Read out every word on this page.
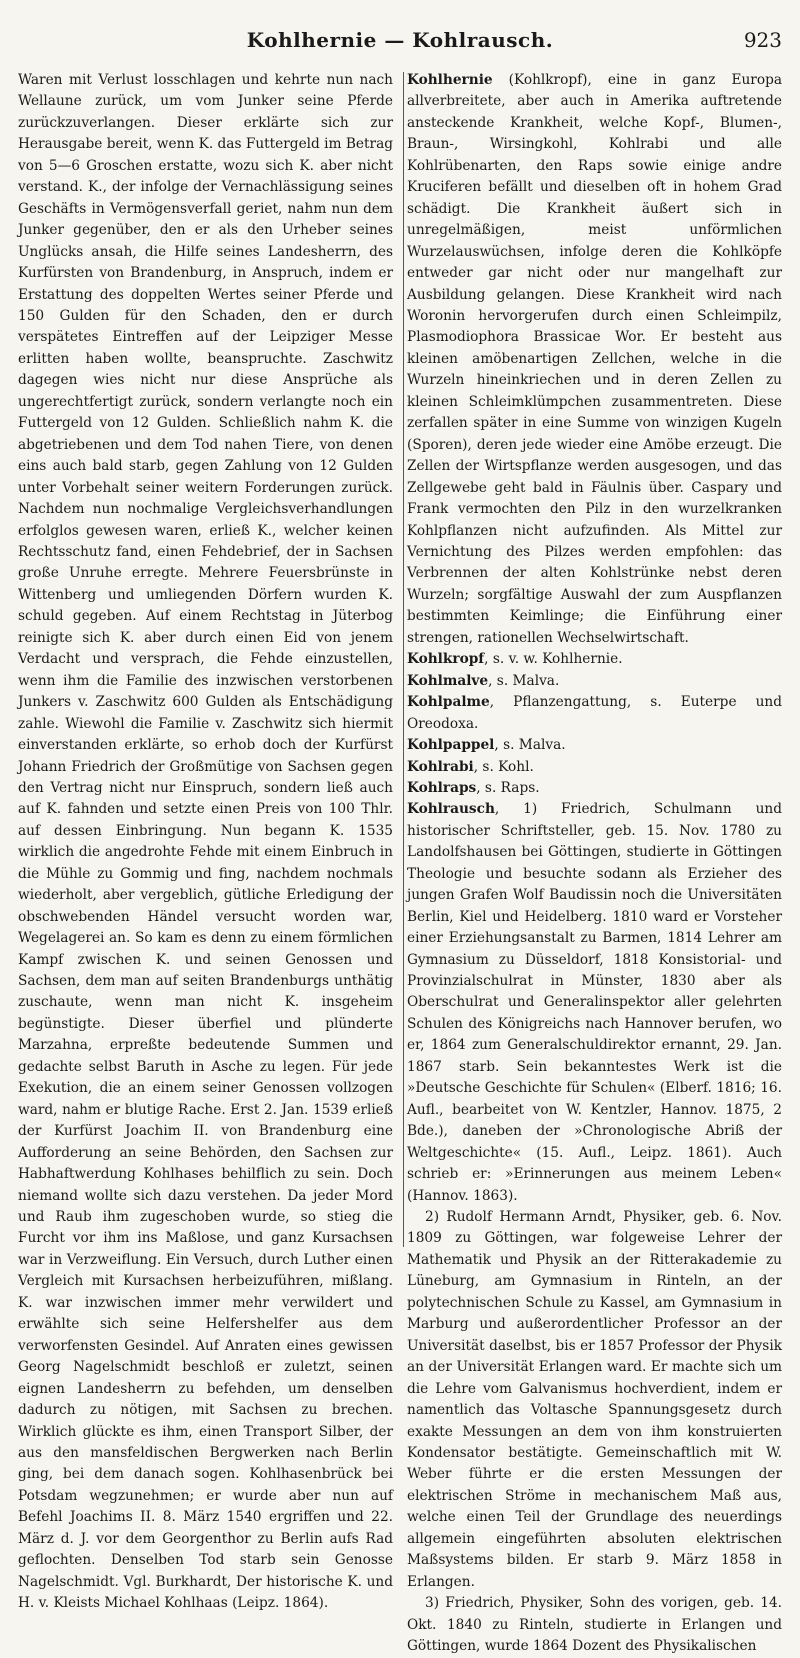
Kohlhernie — Kohlrausch.	923

Waren mit Verlust losschlagen und kehrte nun nach Wellaune zurück, um vom Junker seine Pferde zurückzuverlangen. Dieser erklärte sich zur Herausgabe bereit, wenn K. das Futtergeld im Betrag von 5—6 Groschen erstatte, wozu sich K. aber nicht verstand. K., der infolge der Vernachlässigung seines Geschäfts in Vermögensverfall geriet, nahm nun dem Junker gegenüber, den er als den Urheber seines Unglücks ansah, die Hilfe seines Landesherrn, des Kurfürsten von Brandenburg, in Anspruch, indem er Erstattung des doppelten Wertes seiner Pferde und 150 Gulden für den Schaden, den er durch verspätetes Eintreffen auf der Leipziger Messe erlitten haben wollte, beanspruchte. Zaschwitz dagegen wies nicht nur diese Ansprüche als ungerechtfertigt zurück, sondern verlangte noch ein Futtergeld von 12 Gulden. Schließlich nahm K. die abgetriebenen und dem Tod nahen Tiere, von denen eins auch bald starb, gegen Zahlung von 12 Gulden unter Vorbehalt seiner weitern Forderungen zurück. Nachdem nun nochmalige Vergleichsverhandlungen erfolglos gewesen waren, erließ K., welcher keinen Rechtsschutz fand, einen Fehdebrief, der in Sachsen große Unruhe erregte. Mehrere Feuersbrünste in Wittenberg und umliegenden Dörfern wurden K. schuld gegeben. Auf einem Rechtstag in Jüterbog reinigte sich K. aber durch einen Eid von jenem Verdacht und versprach, die Fehde einzustellen, wenn ihm die Familie des inzwischen verstorbenen Junkers v. Zaschwitz 600 Gulden als Entschädigung zahle. Wiewohl die Familie v. Zaschwitz sich hiermit einverstanden erklärte, so erhob doch der Kurfürst Johann Friedrich der Großmütige von Sachsen gegen den Vertrag nicht nur Einspruch, sondern ließ auch auf K. fahnden und setzte einen Preis von 100 Thlr. auf dessen Einbringung. Nun begann K. 1535 wirklich die angedrohte Fehde mit einem Einbruch in die Mühle zu Gommig und fing, nachdem nochmals wiederholt, aber vergeblich, gütliche Erledigung der obschwebenden Händel versucht worden war, Wegelagerei an. So kam es denn zu einem förmlichen Kampf zwischen K. und seinen Genossen und Sachsen, dem man auf seiten Brandenburgs unthätig zuschaute, wenn man nicht K. insgeheim begünstigte. Dieser überfiel und plünderte Marzahna, erpreßte bedeutende Summen und gedachte selbst Baruth in Asche zu legen. Für jede Exekution, die an einem seiner Genossen vollzogen ward, nahm er blutige Rache. Erst 2. Jan. 1539 erließ der Kurfürst Joachim II. von Brandenburg eine Aufforderung an seine Behörden, den Sachsen zur Habhaftwerdung Kohlhases behilflich zu sein. Doch niemand wollte sich dazu verstehen. Da jeder Mord und Raub ihm zugeschoben wurde, so stieg die Furcht vor ihm ins Maßlose, und ganz Kursachsen war in Verzweiflung. Ein Versuch, durch Luther einen Vergleich mit Kursachsen herbeizuführen, mißlang. K. war inzwischen immer mehr verwildert und erwählte sich seine Helfershelfer aus dem verworfensten Gesindel. Auf Anraten eines gewissen Georg Nagelschmidt beschloß er zuletzt, seinen eignen Landesherrn zu befehden, um denselben dadurch zu nötigen, mit Sachsen zu brechen. Wirklich glückte es ihm, einen Transport Silber, der aus den mansfeldischen Bergwerken nach Berlin ging, bei dem danach sogen. Kohlhasenbrück bei Potsdam wegzunehmen; er wurde aber nun auf Befehl Joachims II. 8. März 1540 ergriffen und 22. März d. J. vor dem Georgenthor zu Berlin aufs Rad geflochten. Denselben Tod starb sein Genosse Nagelschmidt. Vgl. Burkhardt, Der historische K. und H. v. Kleists Michael Kohlhaas (Leipz. 1864).

Kohlhernie (Kohlkropf), eine in ganz Europa allverbreitete, aber auch in Amerika auftretende ansteckende Krankheit, welche Kopf-, Blumen-, Braun-, Wirsingkohl, Kohlrabi und alle Kohlrübenarten, den Raps sowie einige andre Kruciferen befällt und dieselben oft in hohem Grad schädigt. Die Krankheit äußert sich in unregelmäßigen, meist unförmlichen Wurzelauswüchsen, infolge deren die Kohlköpfe entweder gar nicht oder nur mangelhaft zur Ausbildung gelangen. Diese Krankheit wird nach Woronin hervorgerufen durch einen Schleimpilz, Plasmodiophora Brassicae Wor. Er besteht aus kleinen amöbenartigen Zellchen, welche in die Wurzeln hineinkriechen und in deren Zellen zu kleinen Schleimklümpchen zusammentreten. Diese zerfallen später in eine Summe von winzigen Kugeln (Sporen), deren jede wieder eine Amöbe erzeugt. Die Zellen der Wirtspflanze werden ausgesogen, und das Zellgewebe geht bald in Fäulnis über. Caspary und Frank vermochten den Pilz in den wurzelkranken Kohlpflanzen nicht aufzufinden. Als Mittel zur Vernichtung des Pilzes werden empfohlen: das Verbrennen der alten Kohlstrünke nebst deren Wurzeln; sorgfältige Auswahl der zum Auspflanzen bestimmten Keimlinge; die Einführung einer strengen, rationellen Wechselwirtschaft.

Kohlkropf, s. v. w. Kohlhernie.

Kohlmalve, s. Malva.

Kohlpalme, Pflanzengattung, s. Euterpe und Oreodoxa.

Kohlpappel, s. Malva.

Kohlrabi, s. Kohl.

Kohlraps, s. Raps.

Kohlrausch, 1) Friedrich, Schulmann und historischer Schriftsteller, geb. 15. Nov. 1780 zu Landolfshausen bei Göttingen, studierte in Göttingen Theologie und besuchte sodann als Erzieher des jungen Grafen Wolf Baudissin noch die Universitäten Berlin, Kiel und Heidelberg. 1810 ward er Vorsteher einer Erziehungsanstalt zu Barmen, 1814 Lehrer am Gymnasium zu Düsseldorf, 1818 Konsistorial- und Provinzialschulrat in Münster, 1830 aber als Oberschulrat und Generalinspektor aller gelehrten Schulen des Königreichs nach Hannover berufen, wo er, 1864 zum Generalschuldirektor ernannt, 29. Jan. 1867 starb. Sein bekanntestes Werk ist die »Deutsche Geschichte für Schulen« (Elberf. 1816; 16. Aufl., bearbeitet von W. Kentzler, Hannov. 1875, 2 Bde.), daneben der »Chronologische Abriß der Weltgeschichte« (15. Aufl., Leipz. 1861). Auch schrieb er: »Erinnerungen aus meinem Leben« (Hannov. 1863).

2) Rudolf Hermann Arndt, Physiker, geb. 6. Nov. 1809 zu Göttingen, war folgeweise Lehrer der Mathematik und Physik an der Ritterakademie zu Lüneburg, am Gymnasium in Rinteln, an der polytechnischen Schule zu Kassel, am Gymnasium in Marburg und außerordentlicher Professor an der Universität daselbst, bis er 1857 Professor der Physik an der Universität Erlangen ward. Er machte sich um die Lehre vom Galvanismus hochverdient, indem er namentlich das Voltasche Spannungsgesetz durch exakte Messungen an dem von ihm konstruierten Kondensator bestätigte. Gemeinschaftlich mit W. Weber führte er die ersten Messungen der elektrischen Ströme in mechanischem Maß aus, welche einen Teil der Grundlage des neuerdings allgemein eingeführten absoluten elektrischen Maßsystems bilden. Er starb 9. März 1858 in Erlangen.

3) Friedrich, Physiker, Sohn des vorigen, geb. 14. Okt. 1840 zu Rinteln, studierte in Erlangen und Göttingen, wurde 1864 Dozent des Physikalischen
